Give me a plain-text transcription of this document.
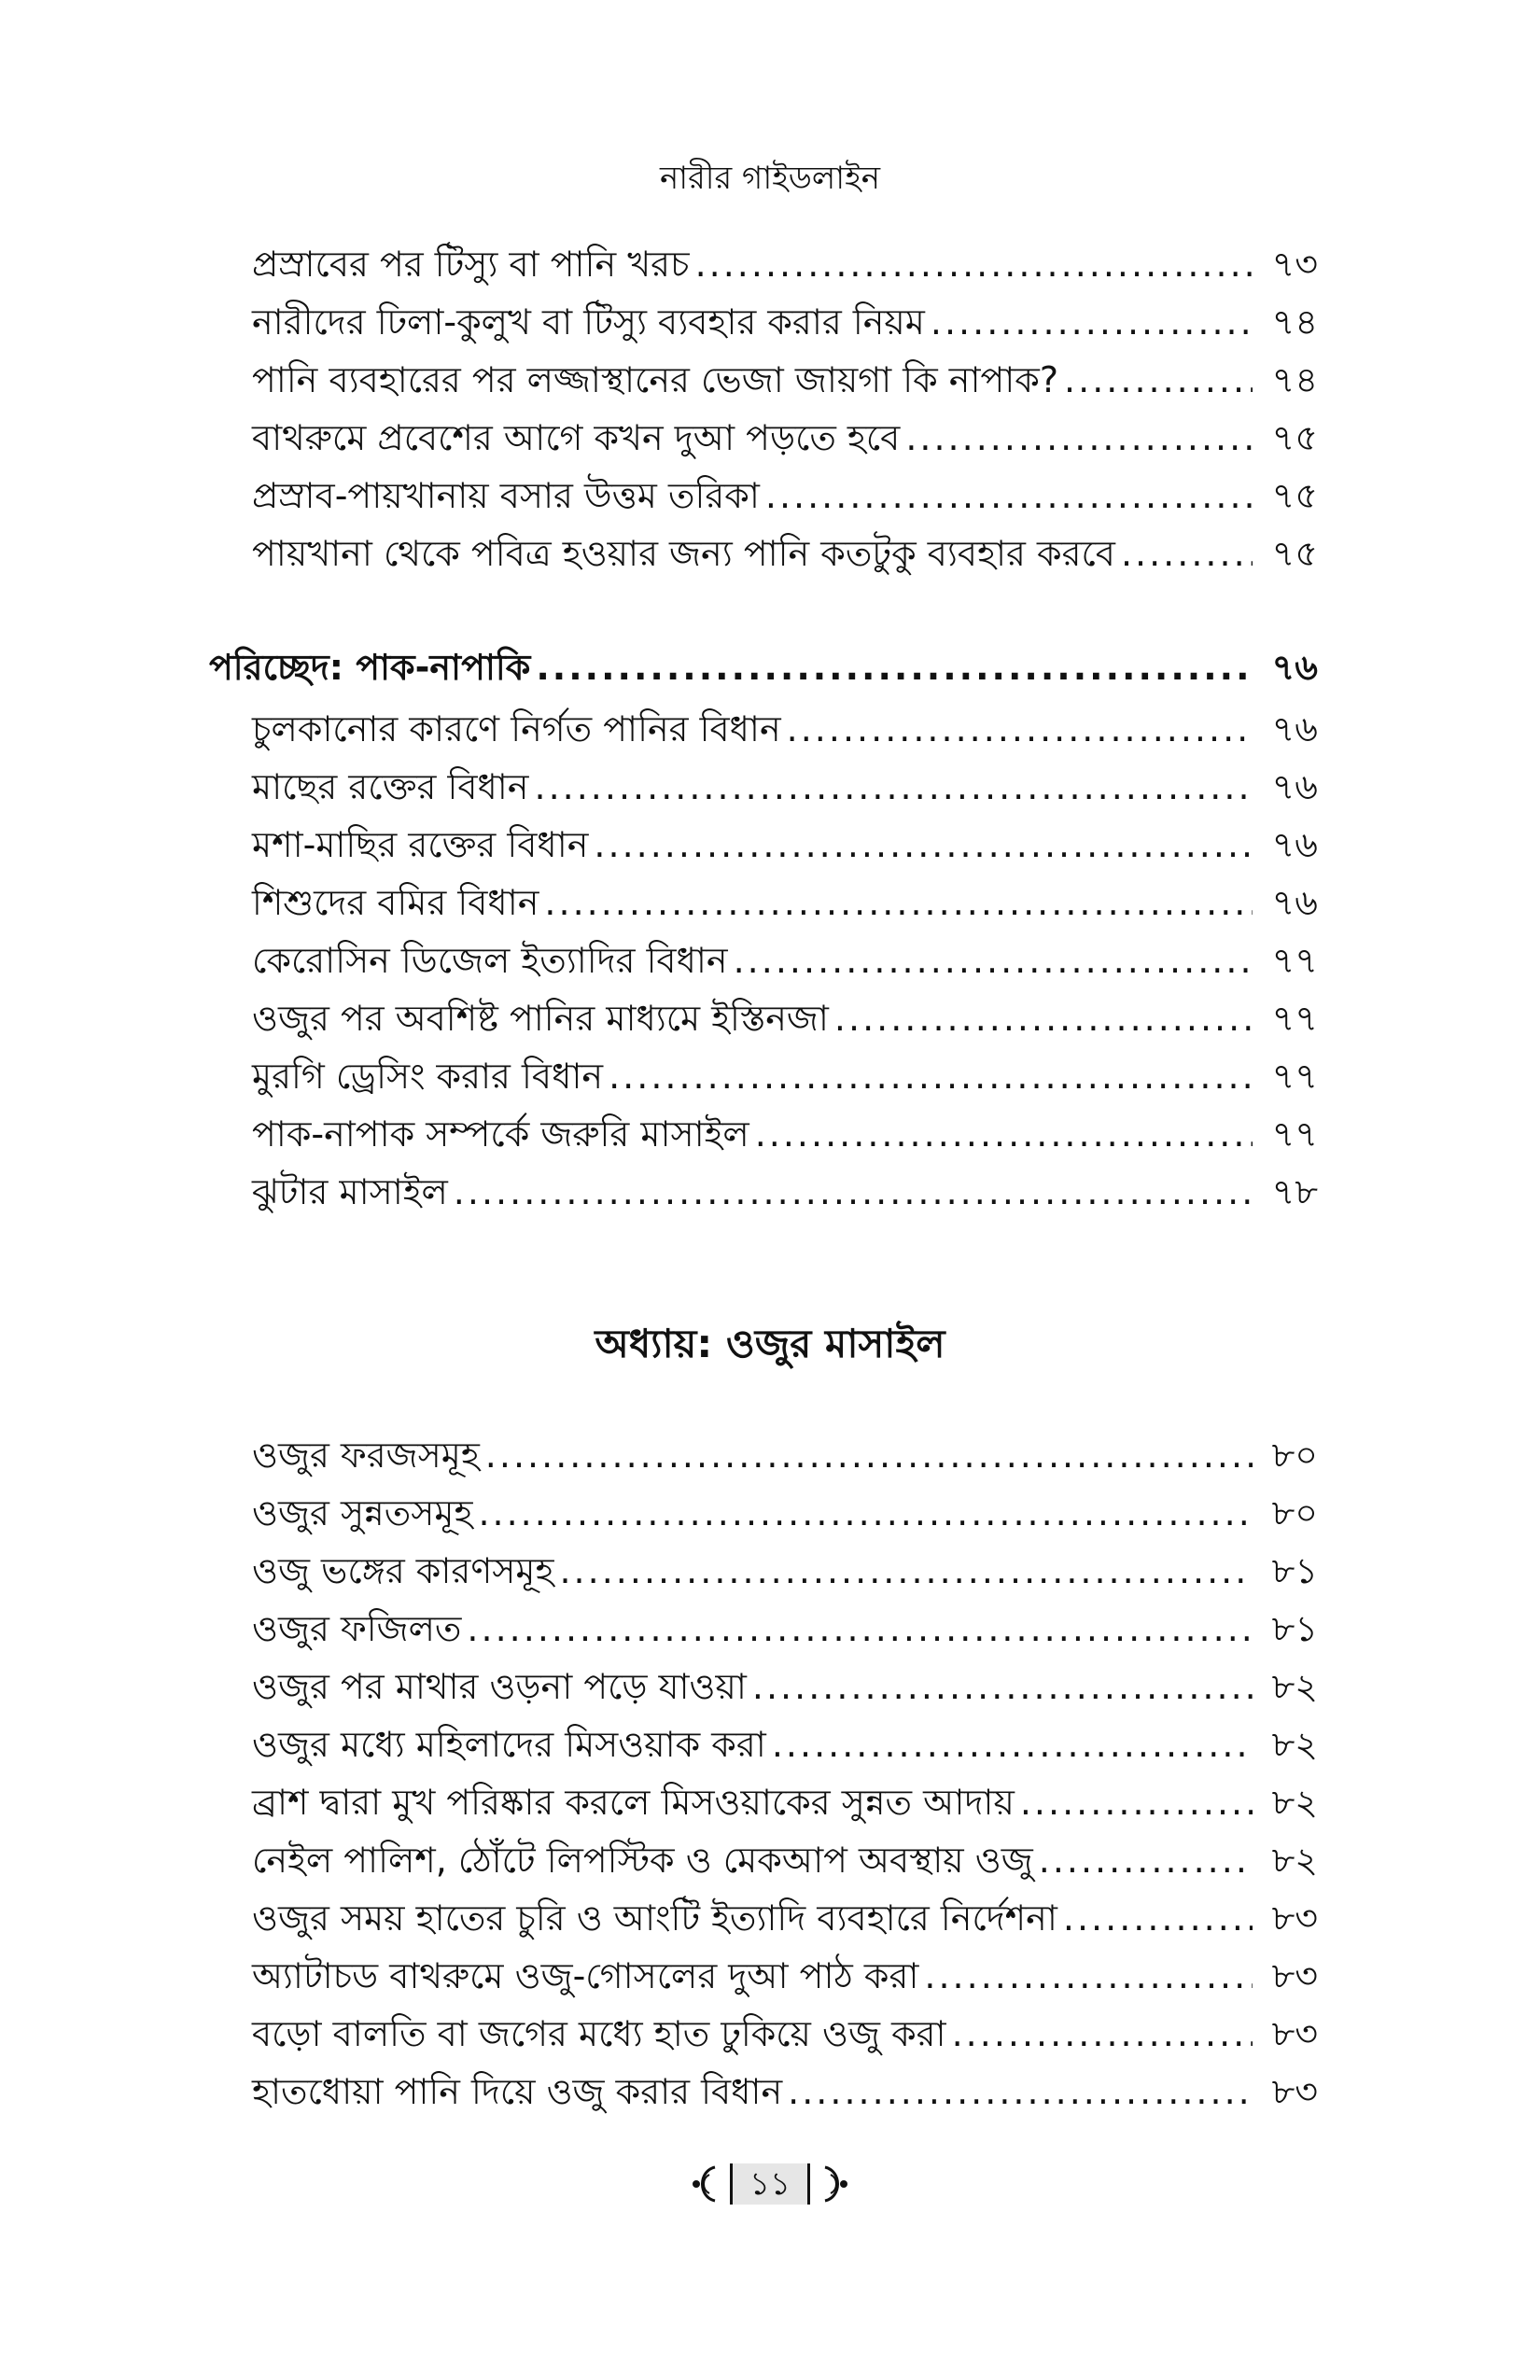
নারীর গাইডলাইন
প্রস্রাবের পর টিস্যু বা পানি খরচ .....	৭৩
নারীদের ঢিলা-কুলুখ বা টিস্যু ব্যবহার করার নিয়ম .....	৭৪
পানি ব্যবহারের পর লজ্জাস্থানের ভেজা জায়গা কি নাপাক? .....	৭৪
বাথরুমে প্রবেশের আগে কখন দুআ পড়তে হবে .....	৭৫
প্রস্রাব-পায়খানায় বসার উত্তম তরিকা .....	৭৫
পায়খানা থেকে পবিত্র হওয়ার জন্য পানি কতটুকু ব্যবহার করবে .....	৭৫
পরিচ্ছেদ: পাক-নাপাকি .....	৭৬
চুলকানোর কারণে নির্গত পানির বিধান .....	৭৬
মাছের রক্তের বিধান .....	৭৬
মশা-মাছির রক্তের বিধান .....	৭৬
শিশুদের বমির বিধান .....	৭৬
কেরোসিন ডিজেল ইত্যাদির বিধান .....	৭৭
ওজুর পর অবশিষ্ট পানির মাধ্যমে ইস্তিনজা .....	৭৭
মুরগি ড্রেসিং করার বিধান .....	৭৭
পাক-নাপাক সম্পর্কে জরুরি মাসাইল .....	৭৭
ঝুটার মাসাইল .....	৭৮
অধ্যায়: ওজুর মাসাইল
ওজুর ফরজসমূহ .....	৮০
ওজুর সুন্নতসমূহ .....	৮০
ওজু ভঙ্গের কারণসমূহ .....	৮১
ওজুর ফজিলত .....	৮১
ওজুর পর মাথার ওড়না পড়ে যাওয়া .....	৮২
ওজুর মধ্যে মহিলাদের মিসওয়াক করা .....	৮২
ব্রাশ দ্বারা মুখ পরিষ্কার করলে মিসওয়াকের সুন্নত আদায় .....	৮২
নেইল পালিশ, ঠোঁটে লিপস্টিক ও মেকআপ অবস্থায় ওজু .....	৮২
ওজুর সময় হাতের চুরি ও আংটি ইত্যাদি ব্যবহারে নির্দেশনা .....	৮৩
অ্যাটাচড বাথরুমে ওজু-গোসলের দুআ পাঠ করা .....	৮৩
বড়ো বালতি বা জগের মধ্যে হাত ঢুকিয়ে ওজু করা .....	৮৩
হাতধোয়া পানি দিয়ে ওজু করার বিধান .....	৮৩
১১
